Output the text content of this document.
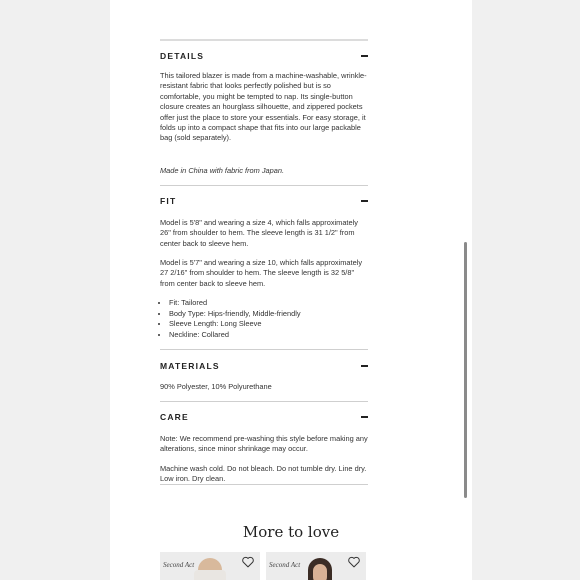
DETAILS

This tailored blazer is made from a machine-washable, wrinkle-resistant fabric that looks perfectly polished but is so comfortable, you might be tempted to nap. Its single-button closure creates an hourglass silhouette, and zippered pockets offer just the place to store your essentials. For easy storage, it folds up into a compact shape that fits into our large packable bag (sold separately).

Made in China with fabric from Japan.

FIT

Model is 5'8" and wearing a size 4, which falls approximately 26" from shoulder to hem. The sleeve length is 31 1/2" from center back to sleeve hem.

Model is 5'7" and wearing a size 10, which falls approximately 27 2/16" from shoulder to hem. The sleeve length is 32 5/8" from center back to sleeve hem.

• Fit: Tailored
• Body Type: Hips-friendly, Middle-friendly
• Sleeve Length: Long Sleeve
• Neckline: Collared
MATERIALS

90% Polyester, 10% Polyurethane

CARE

Note: We recommend pre-washing this style before making any alterations, since minor shrinkage may occur.

Machine wash cold. Do not bleach. Do not tumble dry. Line dry. Low iron. Dry clean.

More to love
Second Act	Second Act
